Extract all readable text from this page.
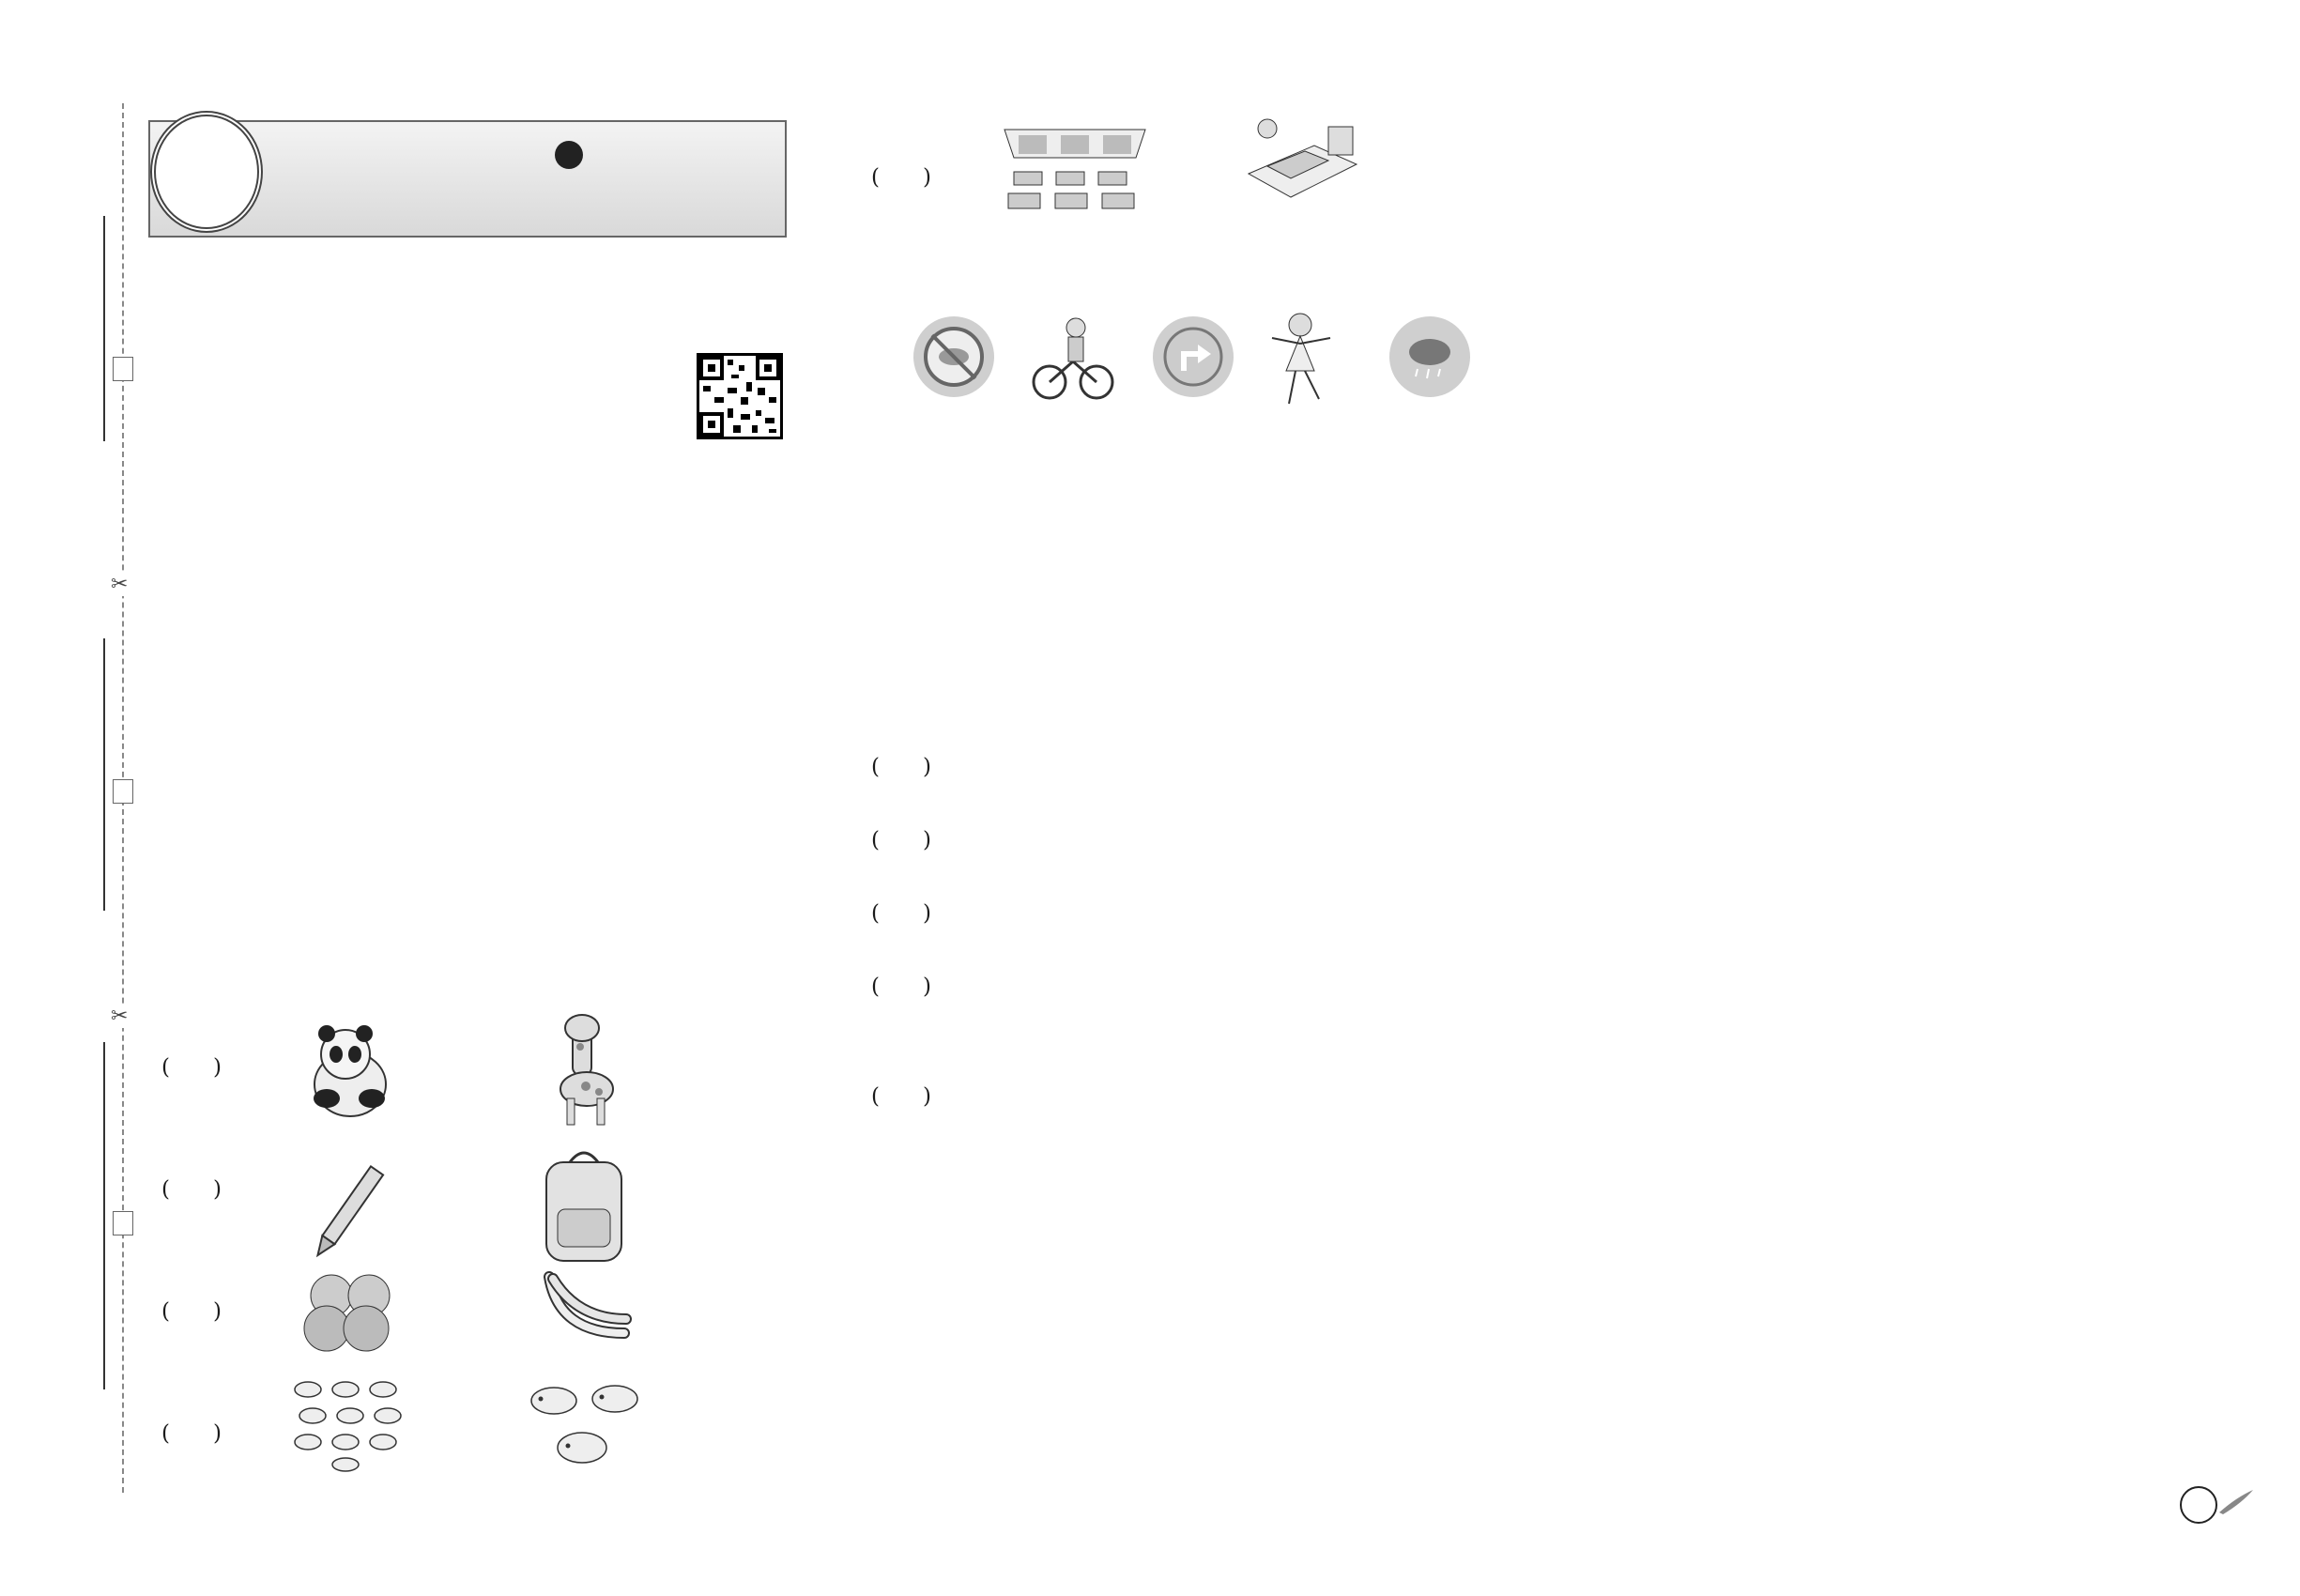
✂
✂
(　　)
(　　)
(　　)
(　　)
(　　)
(　　)
(　　)
(　　)
(　　)
(　　)
